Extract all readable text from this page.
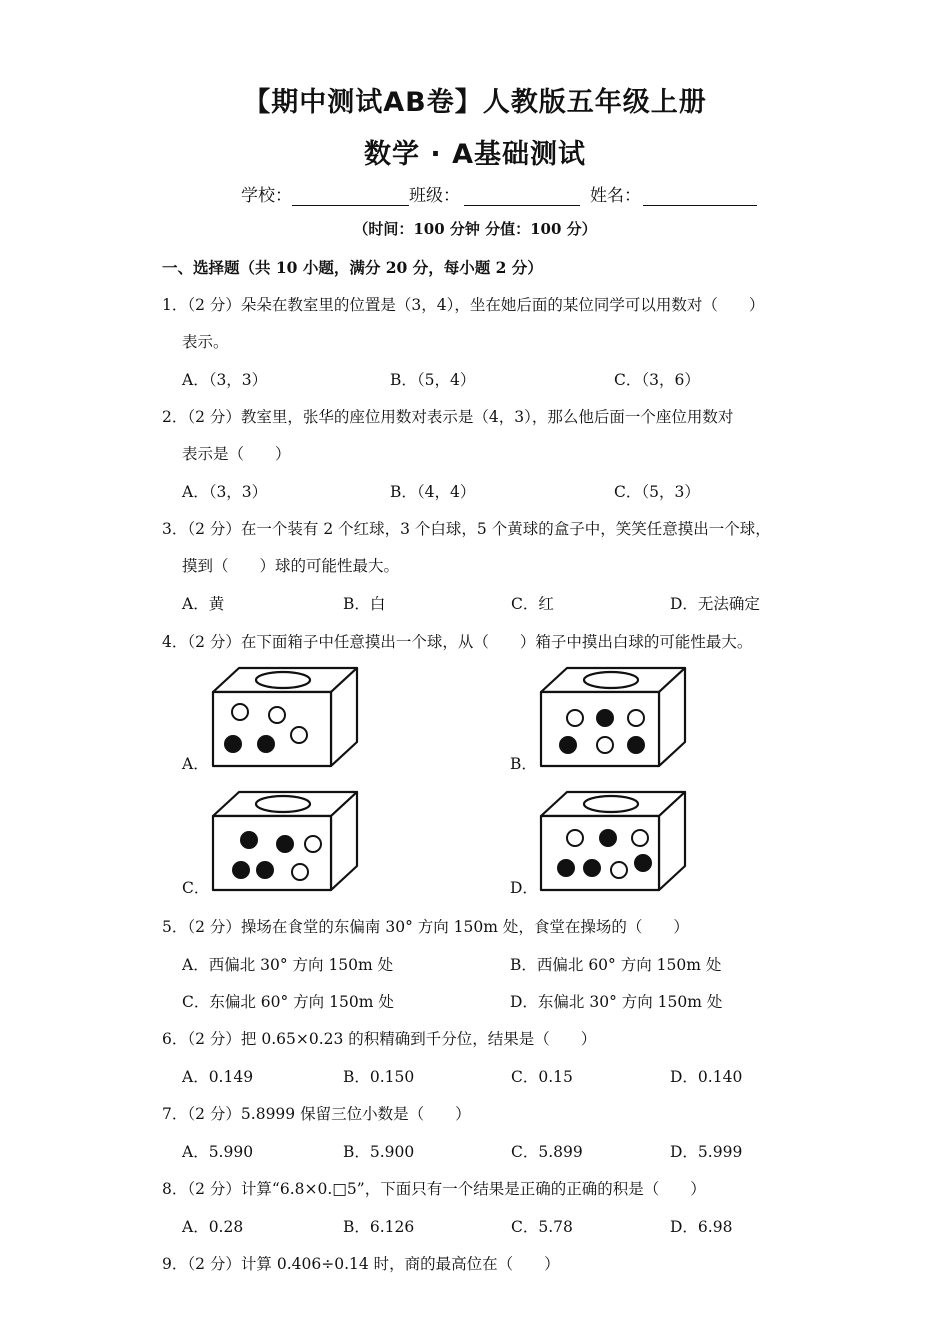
【期中测试AB卷】人教版五年级上册
数学 · A基础测试
学校：	班级：	姓名：
（时间：100 分钟 分值：100 分）
一、选择题（共 10 小题，满分 20 分，每小题 2 分）
1．（2 分）朵朵在教室里的位置是（3，4），坐在她后面的某位同学可以用数对（　　）
表示。
A．（3，3）	B．（5，4）	C．（3，6）
2．（2 分）教室里，张华的座位用数对表示是（4，3），那么他后面一个座位用数对
表示是（　　）
A．（3，3）	B．（4，4）	C．（5，3）
3．（2 分）在一个装有 2 个红球，3 个白球，5 个黄球的盒子中，笑笑任意摸出一个球，
摸到（　　）球的可能性最大。
A．黄	B．白	C．红	D．无法确定
4．（2 分）在下面箱子中任意摸出一个球，从（　　）箱子中摸出白球的可能性最大。
A．	B．
C．	D．
5．（2 分）操场在食堂的东偏南 30° 方向 150m 处，食堂在操场的（　　）
A．西偏北 30° 方向 150m 处	B．西偏北 60° 方向 150m 处
C．东偏北 60° 方向 150m 处	D．东偏北 30° 方向 150m 处
6．（2 分）把 0.65×0.23 的积精确到千分位，结果是（　　）
A．0.149	B．0.150	C．0.15	D．0.140
7．（2 分）5.8999 保留三位小数是（　　）
A．5.990	B．5.900	C．5.899	D．5.999
8．（2 分）计算“6.8×0.□5”，下面只有一个结果是正确的正确的积是（　　）
A．0.28	B．6.126	C．5.78	D．6.98
9．（2 分）计算 0.406÷0.14 时，商的最高位在（　　）
